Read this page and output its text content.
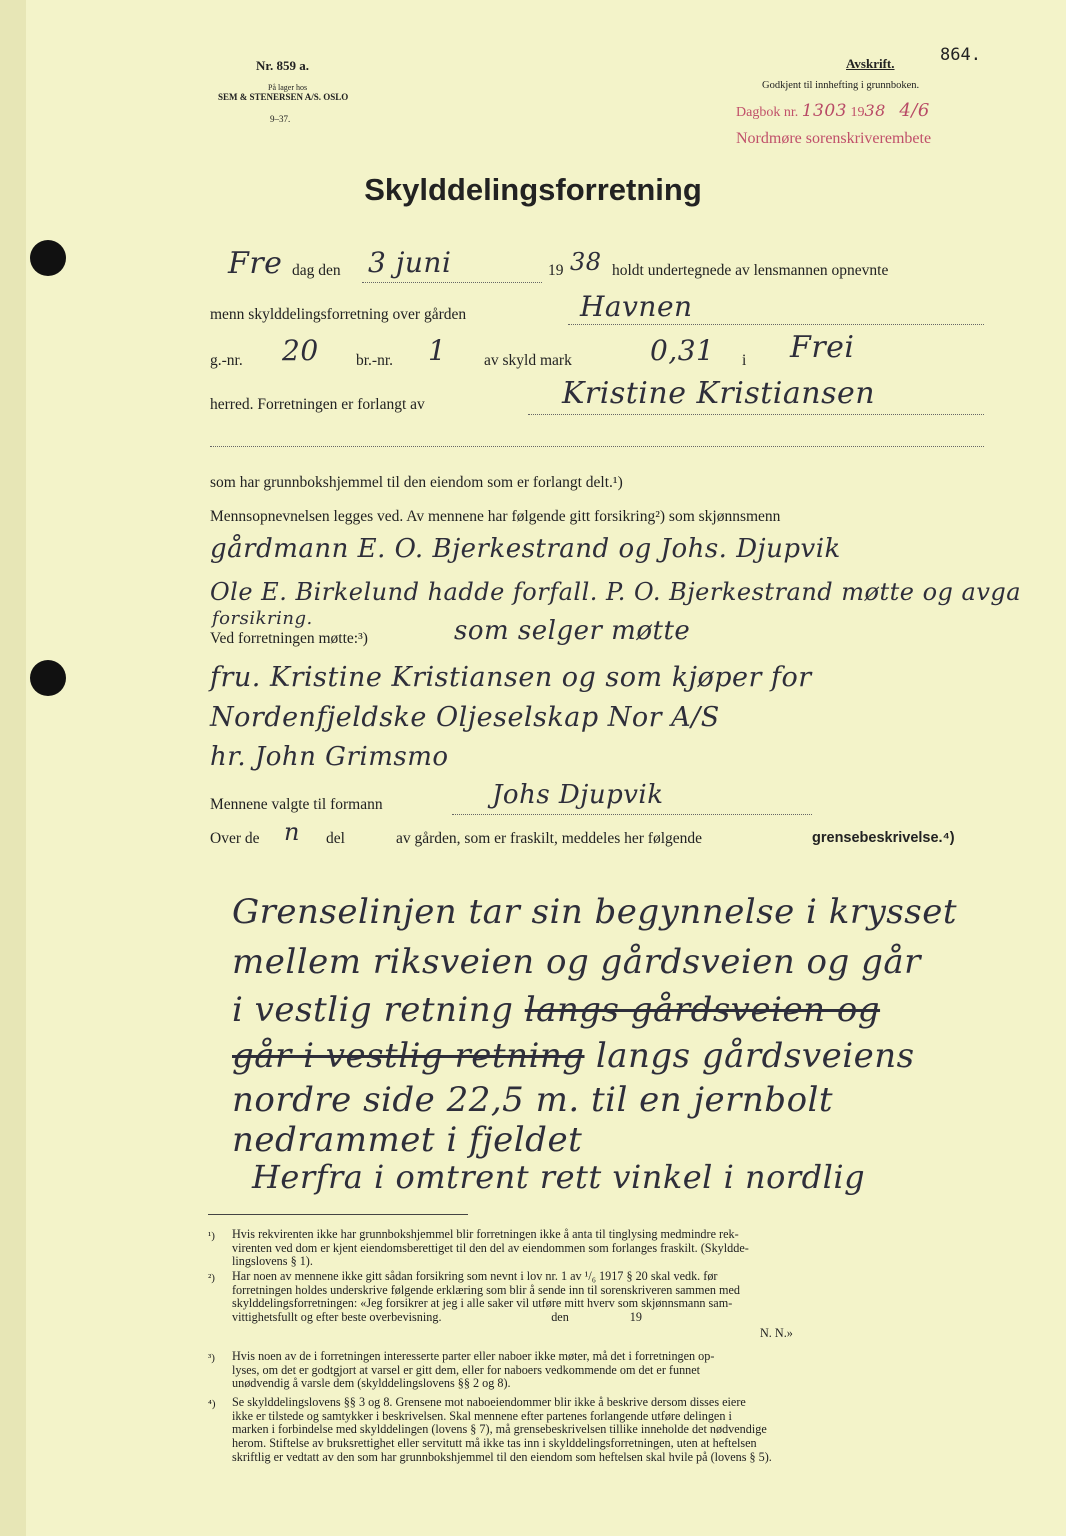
Nr. 859 a.
På lager hos
SEM & STENERSEN A/S. OSLO
9–37.
Avskrift.	864.
Godkjent til innhefting i grunnboken.
Dagbok nr. 1303 1938 4/6
Nordmøre sorenskriverembete
Skylddelingsforretning
Fre dag den 3 juni	19 38 holdt undertegnede av lensmannen opnevnte
menn skylddelingsforretning over gården	Havnen
g.-nr. 20 br.-nr. 1 av skyld mark	0,31 i Frei
herred. Forretningen er forlangt av	Kristine Kristiansen
som har grunnbokshjemmel til den eiendom som er forlangt delt.¹)
Mennsopnevnelsen legges ved. Av mennene har følgende gitt forsikring²) som skjønnsmenn
gårdmann E. O. Bjerkestrand og Johs. Djupvik
Ole E. Birkelund hadde forfall. P. O. Bjerkestrand møtte og avga
forsikring.
Ved forretningen møtte:³)	som selger møtte
fru. Kristine Kristiansen og som kjøper for
Nordenfjeldske Oljeselskap Nor A/S
hr. John Grimsmo
Mennene valgte til formann	Johs Djupvik
Over de n del	av gården, som er fraskilt, meddeles her følgende	grensebeskrivelse.⁴)
Grenselinjen tar sin begynnelse i krysset
mellem riksveien og gårdsveien og går
i vestlig retning langs gårdsveien og
går i vestlig retning langs gårdsveiens
nordre side 22,5 m. til en jernbolt
nedrammet i fjeldet
Herfra i omtrent rett vinkel i nordlig
¹) Hvis rekvirenten ikke har grunnbokshjemmel blir forretningen ikke å anta til tinglysing medmindre rek-
virenten ved dom er kjent eiendomsberettiget til den del av eiendommen som forlanges fraskilt. (Skyldde-
lingslovens § 1).
²) Har noen av mennene ikke gitt sådan forsikring som nevnt i lov nr. 1 av ¹/₆ 1917 § 20 skal vedk. før
forretningen holdes underskrive følgende erklæring som blir å sende inn til sorenskriveren sammen med
skylddelingsforretningen: «Jeg forsikrer at jeg i alle saker vil utføre mitt hverv som skjønnsmann sam-
vittighetsfullt og efter beste overbevisning.                                    den                    19
N. N.»
³) Hvis noen av de i forretningen interesserte parter eller naboer ikke møter, må det i forretningen op-
lyses, om det er godtgjort at varsel er gitt dem, eller for naboers vedkommende om det er funnet
unødvendig å varsle dem (skylddelingslovens §§ 2 og 8).
⁴) Se skylddelingslovens §§ 3 og 8. Grensene mot naboeiendommer blir ikke å beskrive dersom disses eiere
ikke er tilstede og samtykker i beskrivelsen. Skal mennene efter partenes forlangende utføre delingen i
marken i forbindelse med skylddelingen (lovens § 7), må grensebeskrivelsen tillike inneholde det nødvendige
herom. Stiftelse av bruksrettighet eller servitutt må ikke tas inn i skylddelingsforretningen, uten at heftelsen
skriftlig er vedtatt av den som har grunnbokshjemmel til den eiendom som heftelsen skal hvile på (lovens § 5).
